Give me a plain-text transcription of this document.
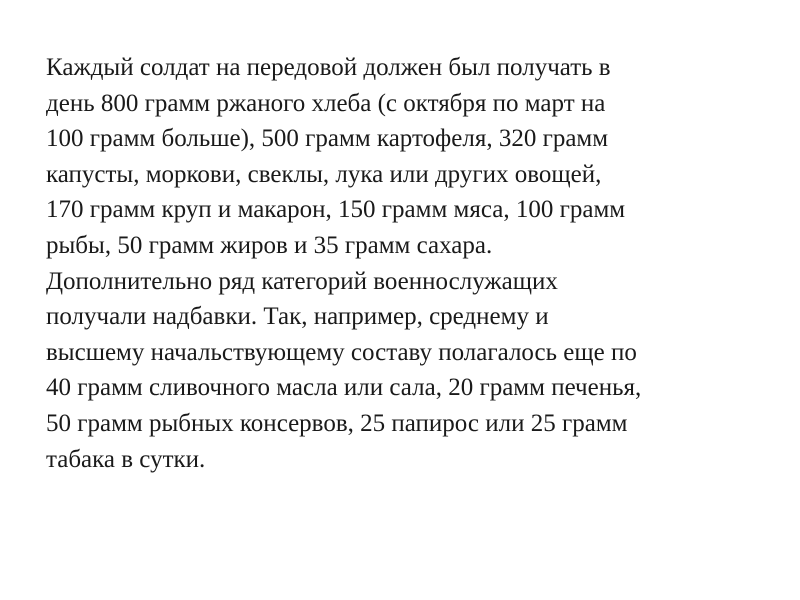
Каждый солдат на передовой должен был получать в
день 800 грамм ржаного хлеба (с октября по март на
100 грамм больше), 500 грамм картофеля, 320 грамм
капусты, моркови, свеклы, лука или других овощей,
170 грамм круп и макарон, 150 грамм мяса, 100 грамм
рыбы, 50 грамм жиров и 35 грамм сахара.
Дополнительно ряд категорий военнослужащих
получали надбавки. Так, например, среднему и
высшему начальствующему составу полагалось еще по
40 грамм сливочного масла или сала, 20 грамм печенья,
50 грамм рыбных консервов, 25 папирос или 25 грамм
табака в сутки.
